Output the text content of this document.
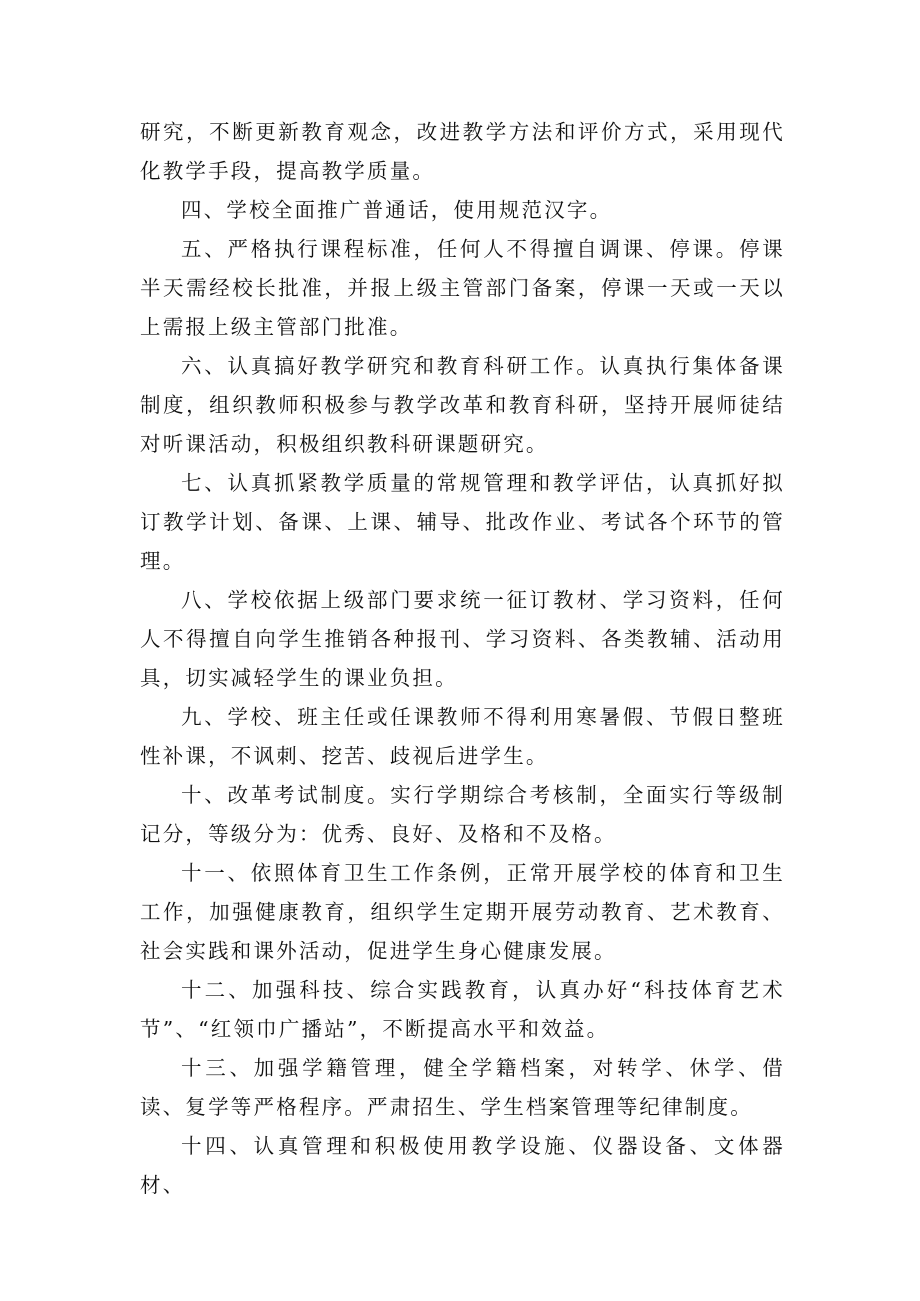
研究，不断更新教育观念，改进教学方法和评价方式，采用现代化教学手段，提高教学质量。

四、学校全面推广普通话，使用规范汉字。

五、严格执行课程标准，任何人不得擅自调课、停课。停课半天需经校长批准，并报上级主管部门备案，停课一天或一天以上需报上级主管部门批准。

六、认真搞好教学研究和教育科研工作。认真执行集体备课制度，组织教师积极参与教学改革和教育科研，坚持开展师徒结对听课活动，积极组织教科研课题研究。

七、认真抓紧教学质量的常规管理和教学评估，认真抓好拟订教学计划、备课、上课、辅导、批改作业、考试各个环节的管理。

八、学校依据上级部门要求统一征订教材、学习资料，任何人不得擅自向学生推销各种报刊、学习资料、各类教辅、活动用具，切实减轻学生的课业负担。

九、学校、班主任或任课教师不得利用寒暑假、节假日整班性补课，不讽刺、挖苦、歧视后进学生。

十、改革考试制度。实行学期综合考核制，全面实行等级制记分，等级分为：优秀、良好、及格和不及格。

十一、依照体育卫生工作条例，正常开展学校的体育和卫生工作，加强健康教育，组织学生定期开展劳动教育、艺术教育、社会实践和课外活动，促进学生身心健康发展。

十二、加强科技、综合实践教育，认真办好“科技体育艺术节”、“红领巾广播站”，不断提高水平和效益。

十三、加强学籍管理，健全学籍档案，对转学、休学、借读、复学等严格程序。严肃招生、学生档案管理等纪律制度。

十四、认真管理和积极使用教学设施、仪器设备、文体器材、
